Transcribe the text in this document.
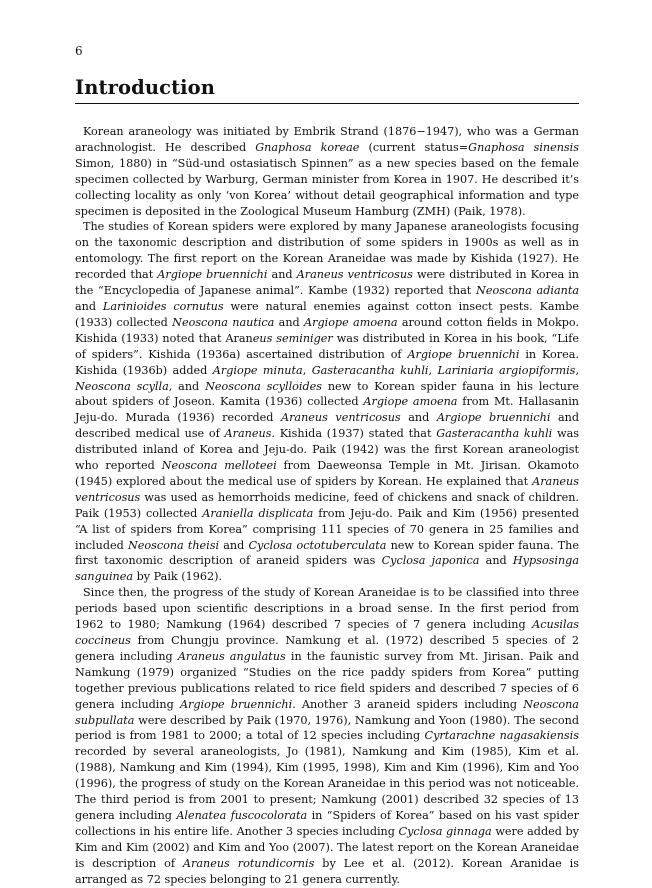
6
Introduction

Korean araneology was initiated by Embrik Strand (1876−1947), who was a German arachnologist. He described Gnaphosa koreae (current status=Gnaphosa sinensis Simon, 1880) in “Süd-und ostasiatisch Spinnen” as a new species based on the female specimen collected by Warburg, German minister from Korea in 1907. He described it’s collecting locality as only ‘von Korea’ without detail geographical information and type specimen is deposited in the Zoological Museum Hamburg (ZMH) (Paik, 1978).

The studies of Korean spiders were explored by many Japanese araneologists focusing on the taxonomic description and distribution of some spiders in 1900s as well as in entomology. The first report on the Korean Araneidae was made by Kishida (1927). He recorded that Argiope bruennichi and Araneus ventricosus were distributed in Korea in the “Encyclopedia of Japanese animal”. Kambe (1932) reported that Neoscona adianta and Larinioides cornutus were natural enemies against cotton insect pests. Kambe (1933) collected Neoscona nautica and Argiope amoena around cotton fields in Mokpo. Kishida (1933) noted that Araneus seminiger was distributed in Korea in his book, “Life of spiders”. Kishida (1936a) ascertained distribution of Argiope bruennichi in Korea. Kishida (1936b) added Argiope minuta, Gasteracantha kuhli, Lariniaria argiopiformis, Neoscona scylla, and Neoscona scylloides new to Korean spider fauna in his lecture about spiders of Joseon. Kamita (1936) collected Argiope amoena from Mt. Hallasanin Jeju-do. Murada (1936) recorded Araneus ventricosus and Argiope bruennichi and described medical use of Araneus. Kishida (1937) stated that Gasteracantha kuhli was distributed inland of Korea and Jeju-do. Paik (1942) was the first Korean araneologist who reported Neoscona melloteei from Daeweonsa Temple in Mt. Jirisan. Okamoto (1945) explored about the medical use of spiders by Korean. He explained that Araneus ventricosus was used as hemorrhoids medicine, feed of chickens and snack of children. Paik (1953) collected Araniella displicata from Jeju-do. Paik and Kim (1956) presented “A list of spiders from Korea” comprising 111 species of 70 genera in 25 families and included Neoscona theisi and Cyclosa octotuberculata new to Korean spider fauna. The first taxonomic description of araneid spiders was Cyclosa japonica and Hypsosinga sanguinea by Paik (1962).

Since then, the progress of the study of Korean Araneidae is to be classified into three periods based upon scientific descriptions in a broad sense. In the first period from 1962 to 1980; Namkung (1964) described 7 species of 7 genera including Acusilas coccineus from Chungju province. Namkung et al. (1972) described 5 species of 2 genera including Araneus angulatus in the faunistic survey from Mt. Jirisan. Paik and Namkung (1979) organized “Studies on the rice paddy spiders from Korea” putting together previous publications related to rice field spiders and described 7 species of 6 genera including Argiope bruennichi. Another 3 araneid spiders including Neoscona subpullata were described by Paik (1970, 1976), Namkung and Yoon (1980). The second period is from 1981 to 2000; a total of 12 species including Cyrtarachne nagasakiensis recorded by several araneologists, Jo (1981), Namkung and Kim (1985), Kim et al. (1988), Namkung and Kim (1994), Kim (1995, 1998), Kim and Kim (1996), Kim and Yoo (1996), the progress of study on the Korean Araneidae in this period was not noticeable. The third period is from 2001 to present; Namkung (2001) described 32 species of 13 genera including Alenatea fuscocolorata in “Spiders of Korea” based on his vast spider collections in his entire life. Another 3 species including Cyclosa ginnaga were added by Kim and Kim (2002) and Kim and Yoo (2007). The latest report on the Korean Araneidae is description of Araneus rotundicornis by Lee et al. (2012). Korean Aranidae is arranged as 72 species belonging to 21 genera currently.
